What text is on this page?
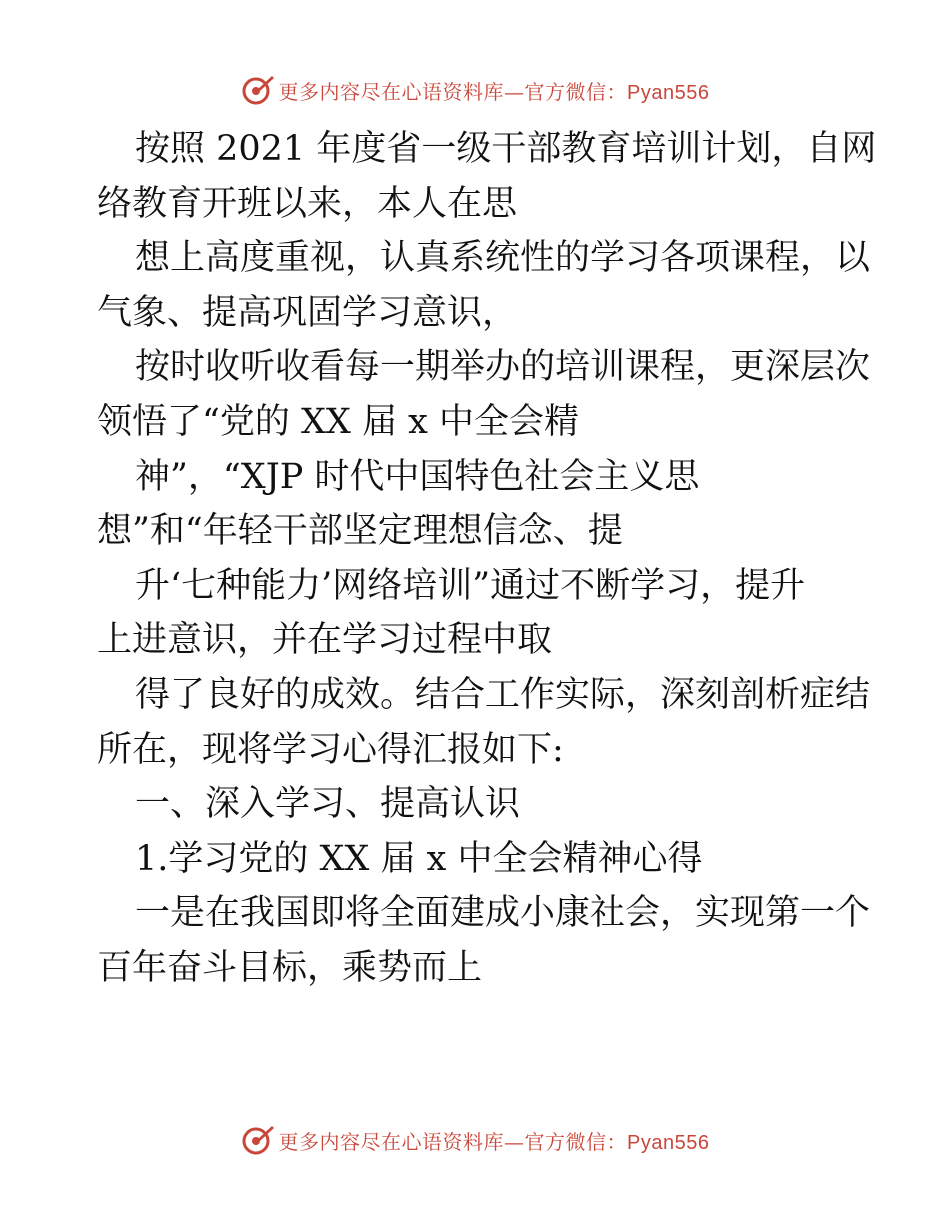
更多内容尽在心语资料库—官方微信：Pyan556
按照 2021 年度省一级干部教育培训计划，自网
络教育开班以来，本人在思
想上高度重视，认真系统性的学习各项课程，以
气象、提高巩固学习意识，
按时收听收看每一期举办的培训课程，更深层次
领悟了“党的 XX 届 x 中全会精
神”，“XJP 时代中国特色社会主义思
想”和“年轻干部坚定理想信念、提
升‘七种能力’网络培训”通过不断学习，提升
上进意识，并在学习过程中取
得了良好的成效。结合工作实际，深刻剖析症结
所在，现将学习心得汇报如下:
一、深入学习、提高认识
1.学习党的 XX 届 x 中全会精神心得
一是在我国即将全面建成小康社会，实现第一个
百年奋斗目标，乘势而上
更多内容尽在心语资料库—官方微信：Pyan556
